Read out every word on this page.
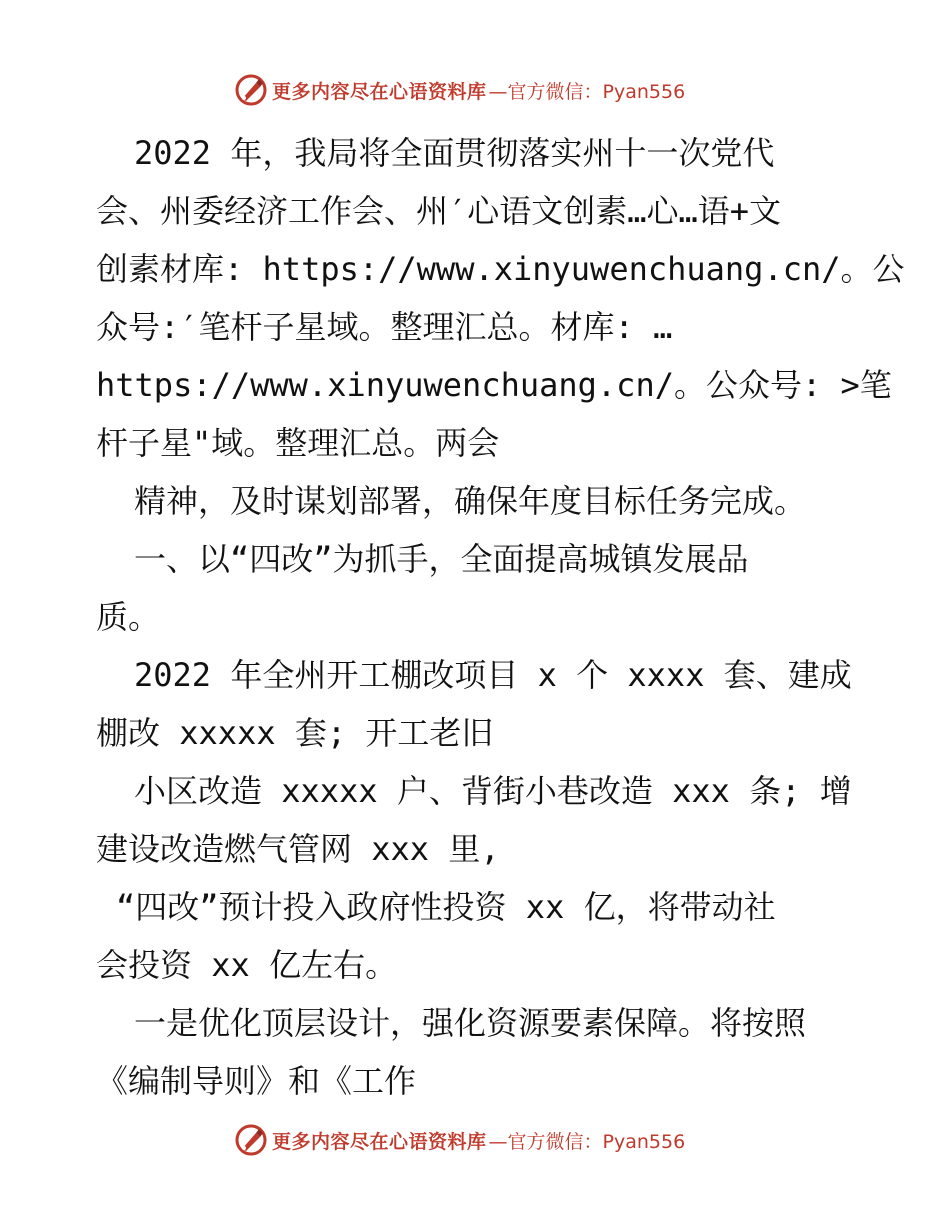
更多内容尽在心语资料库 —官方微信：Pyan556
2022 年，我局将全面贯彻落实州十一次党代
会、州委经济工作会、州′心语文创素…心…语+文
创素材库: https://www.xinyuwenchuang.cn/。公
众号:′笔杆子星域。整理汇总。材库: …
https://www.xinyuwenchuang.cn/。公众号: >笔
杆子星"域。整理汇总。两会
精神，及时谋划部署，确保年度目标任务完成。
一、以“四改”为抓手，全面提高城镇发展品
质。
2022 年全州开工棚改项目 x 个 xxxx 套、建成
棚改 xxxxx 套; 开工老旧
小区改造 xxxxx 户、背街小巷改造 xxx 条; 增
建设改造燃气管网 xxx 里,
“四改”预计投入政府性投资 xx 亿，将带动社
会投资 xx 亿左右。
一是优化顶层设计，强化资源要素保障。将按照
《编制导则》和《工作
更多内容尽在心语资料库 —官方微信：Pyan556
